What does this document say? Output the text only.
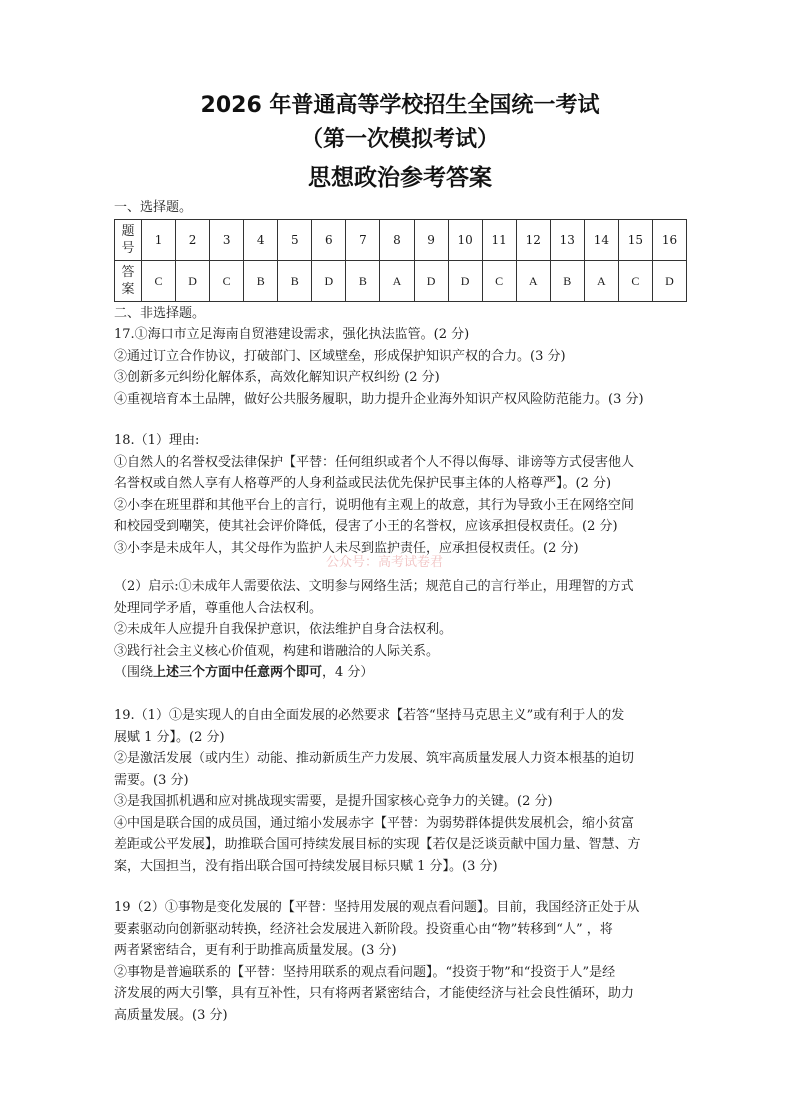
2026 年普通高等学校招生全国统一考试
（第一次模拟考试）
思想政治参考答案
一、选择题。
题
号	1	2	3	4	5	6	7	8	9	10	11	12	13	14	15	16

答
案	C	D	C	B	B	D	B	A	D	D	C	A	B	A	C	D
二、非选择题。
17.①海口市立足海南自贸港建设需求，强化执法监管。(2 分)
②通过订立合作协议，打破部门、区域壁垒，形成保护知识产权的合力。(3 分)
③创新多元纠纷化解体系，高效化解知识产权纠纷 (2 分)
④重视培育本土品牌，做好公共服务履职，助力提升企业海外知识产权风险防范能力。(3 分)
18.（1）理由:
①自然人的名誉权受法律保护【平替：任何组织或者个人不得以侮辱、诽谤等方式侵害他人
名誉权或自然人享有人格尊严的人身利益或民法优先保护民事主体的人格尊严】。(2 分)
②小李在班里群和其他平台上的言行，说明他有主观上的故意，其行为导致小王在网络空间
和校园受到嘲笑，使其社会评价降低，侵害了小王的名誉权，应该承担侵权责任。(2 分)
③小李是未成年人，其父母作为监护人未尽到监护责任，应承担侵权责任。(2 分)
公众号：高考试卷君
（2）启示:①未成年人需要依法、文明参与网络生活；规范自己的言行举止，用理智的方式
处理同学矛盾，尊重他人合法权利。
②未成年人应提升自我保护意识，依法维护自身合法权利。
③践行社会主义核心价值观，构建和谐融洽的人际关系。
（围绕上述三个方面中任意两个即可，4 分）
19.（1）①是实现人的自由全面发展的必然要求【若答“坚持马克思主义”或有利于人的发
展赋 1 分】。(2 分)
②是激活发展（或内生）动能、推动新质生产力发展、筑牢高质量发展人力资本根基的迫切
需要。(3 分)
③是我国抓机遇和应对挑战现实需要，是提升国家核心竞争力的关键。(2 分)
④中国是联合国的成员国，通过缩小发展赤字【平替：为弱势群体提供发展机会，缩小贫富
差距或公平发展】，助推联合国可持续发展目标的实现【若仅是泛谈贡献中国力量、智慧、方
案，大国担当，没有指出联合国可持续发展目标只赋 1 分】。(3 分)
19（2）①事物是变化发展的【平替：坚持用发展的观点看问题】。目前，我国经济正处于从
要素驱动向创新驱动转换，经济社会发展进入新阶段。投资重心由“物”转移到“人” ，将
两者紧密结合，更有利于助推高质量发展。(3 分)
②事物是普遍联系的【平替：坚持用联系的观点看问题】。“投资于物”和“投资于人”是经
济发展的两大引擎，具有互补性，只有将两者紧密结合，才能使经济与社会良性循环，助力
高质量发展。(3 分)
